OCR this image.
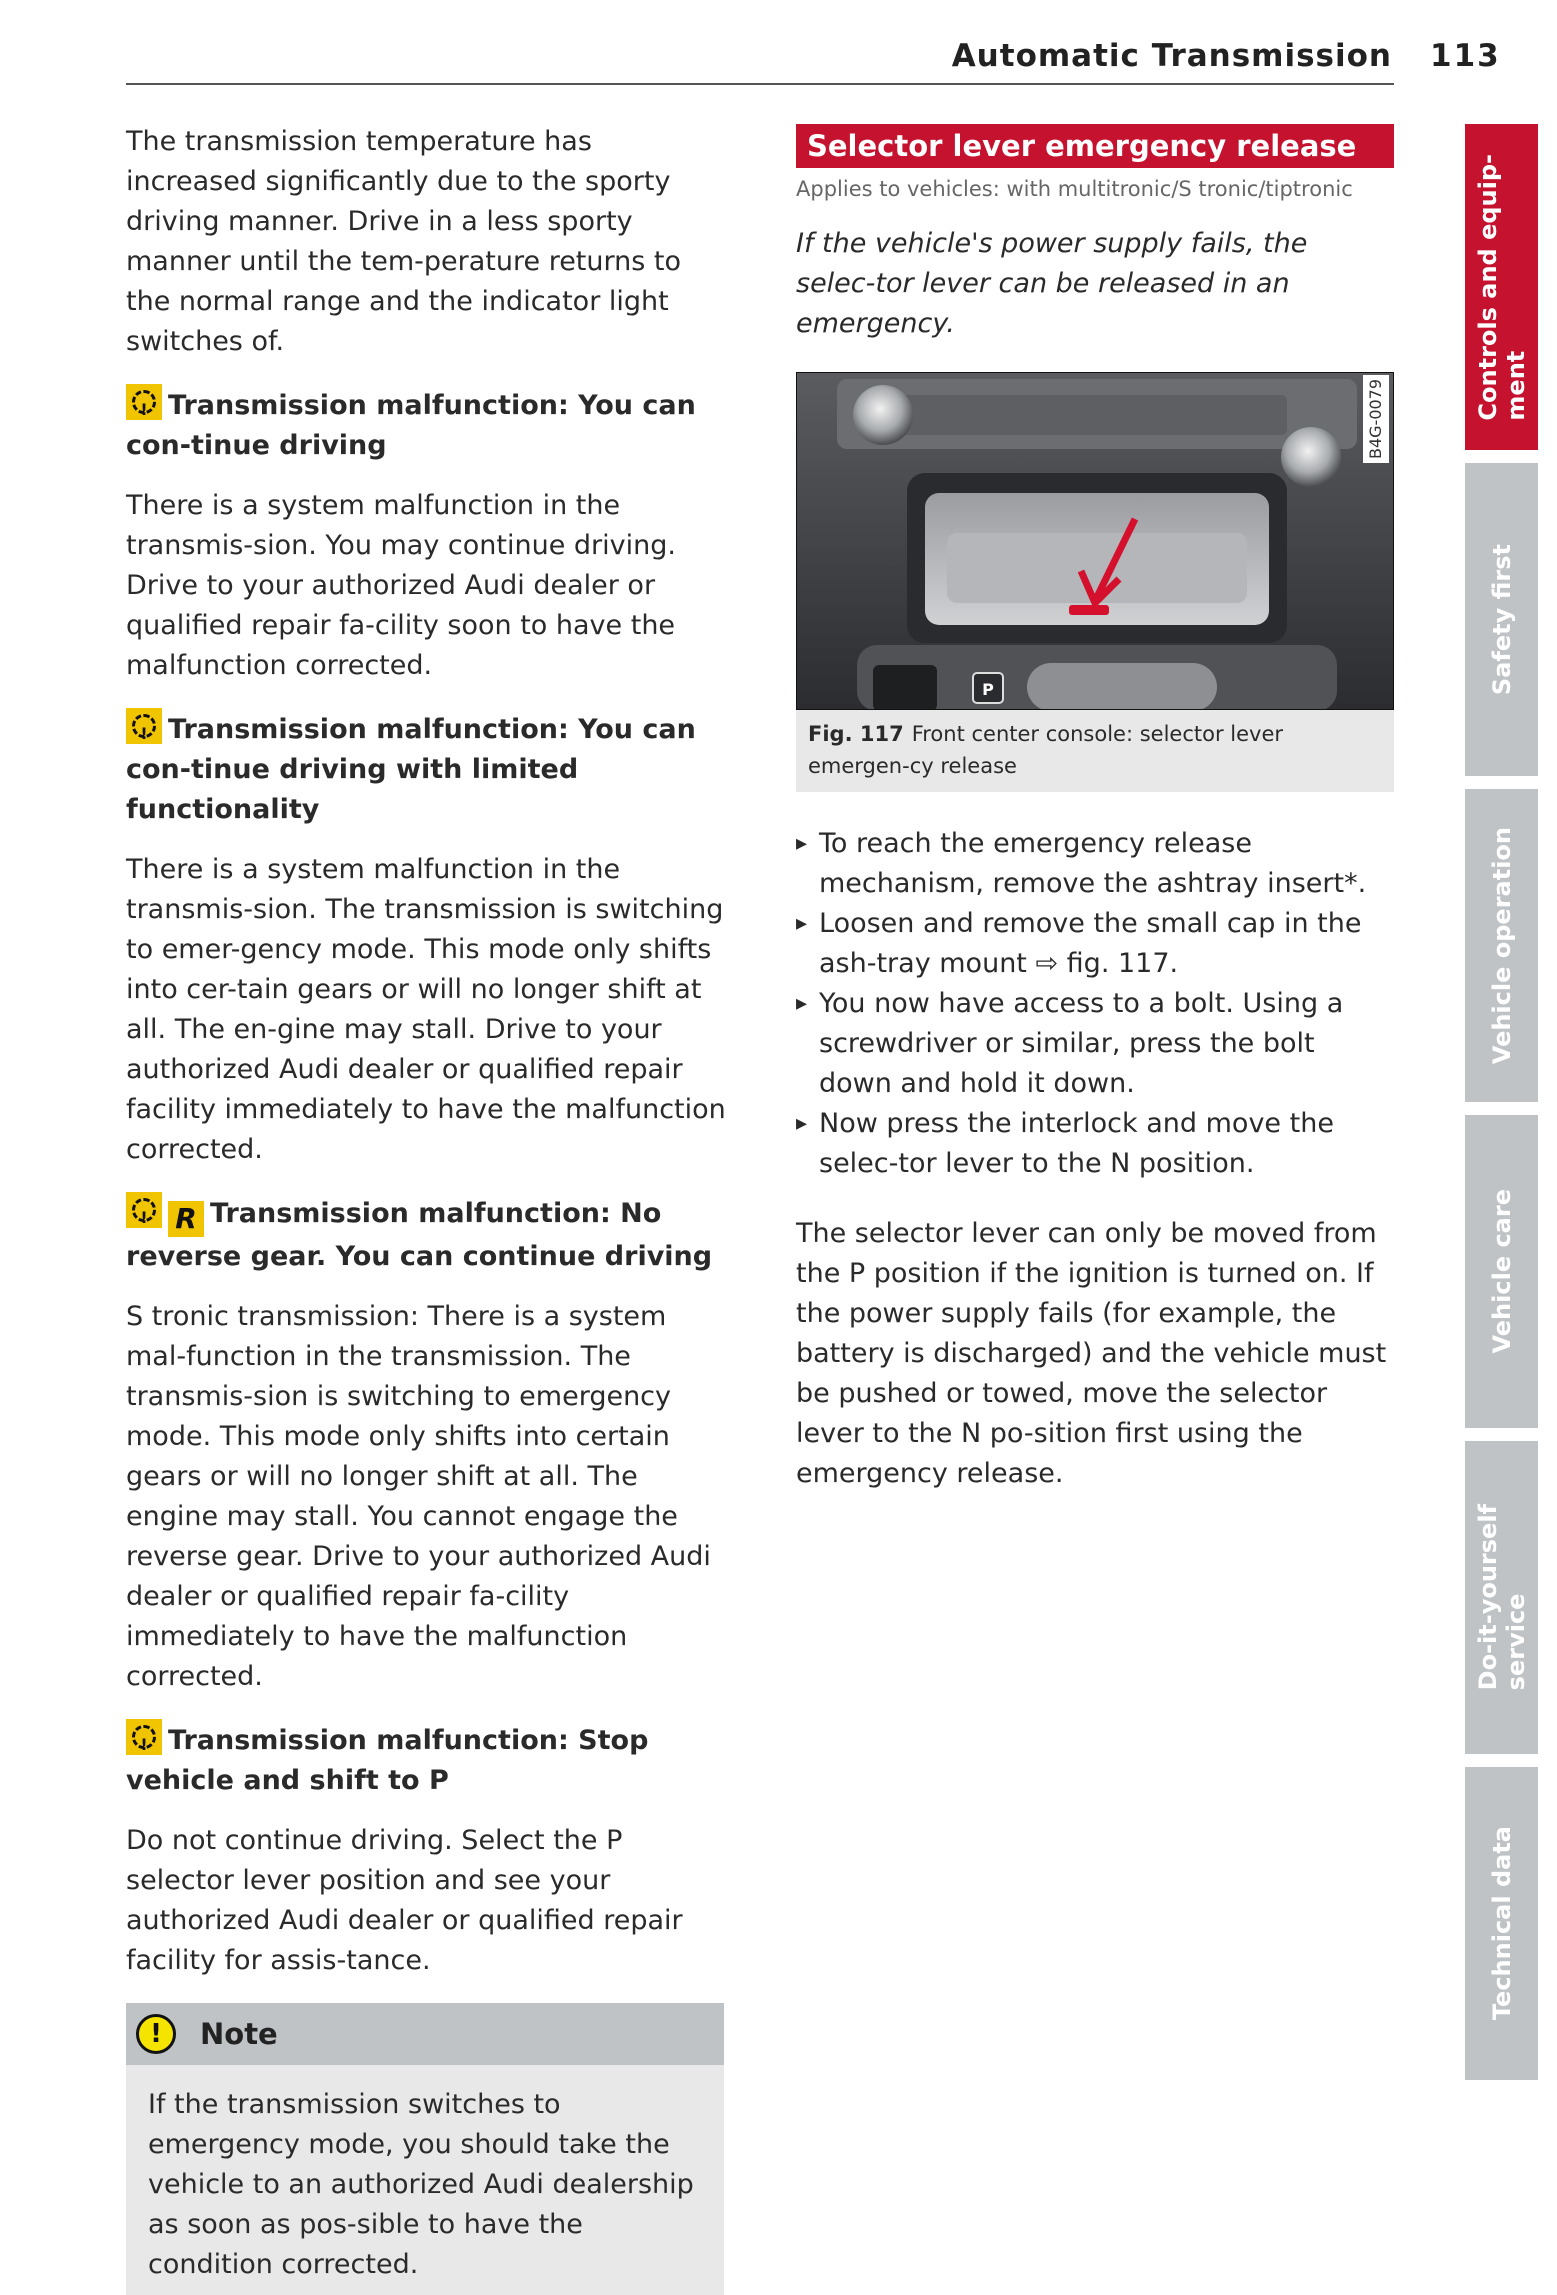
Automatic Transmission 113

The transmission temperature has increased significantly due to the sporty driving manner. Drive in a less sporty manner until the tem-perature returns to the normal range and the indicator light switches of.

!
Transmission malfunction: You can con-tinue driving

There is a system malfunction in the transmis-sion. You may continue driving. Drive to your authorized Audi dealer or qualified repair fa-cility soon to have the malfunction corrected.

!
Transmission malfunction: You can con-tinue driving with limited functionality

There is a system malfunction in the transmis-sion. The transmission is switching to emer-gency mode. This mode only shifts into cer-tain gears or will no longer shift at all. The en-gine may stall. Drive to your authorized Audi dealer or qualified repair facility immediately to have the malfunction corrected.

!
R Transmission malfunction: No reverse gear. You can continue driving

S tronic transmission: There is a system mal-function in the transmission. The transmis-sion is switching to emergency mode. This mode only shifts into certain gears or will no longer shift at all. The engine may stall. You cannot engage the reverse gear. Drive to your authorized Audi dealer or qualified repair fa-cility immediately to have the malfunction corrected.

!
Transmission malfunction: Stop vehicle and shift to P

Do not continue driving. Select the P selector lever position and see your authorized Audi dealer or qualified repair facility for assis-tance.

!	Note
If the transmission switches to emergency mode, you should take the vehicle to an authorized Audi dealership as soon as pos-sible to have the condition corrected.
Selector lever emergency release
Applies to vehicles: with multitronic/S tronic/tiptronic

If the vehicle's power supply fails, the selec-tor lever can be released in an emergency.

P
B4G-0079
Fig. 117 Front center console: selector lever emergen-cy release
▸ To reach the emergency release mechanism, remove the ashtray insert*.
▸ Loosen and remove the small cap in the ash-tray mount ⇨ fig. 117.
▸ You now have access to a bolt. Using a screwdriver or similar, press the bolt down and hold it down.
▸ Now press the interlock and move the selec-tor lever to the N position.

The selector lever can only be moved from the P position if the ignition is turned on. If the power supply fails (for example, the battery is discharged) and the vehicle must be pushed or towed, move the selector lever to the N po-sition first using the emergency release.

Controls and equip-
ment
Safety first
Vehicle operation
Vehicle care
Do-it-yourself
service
Technical data
